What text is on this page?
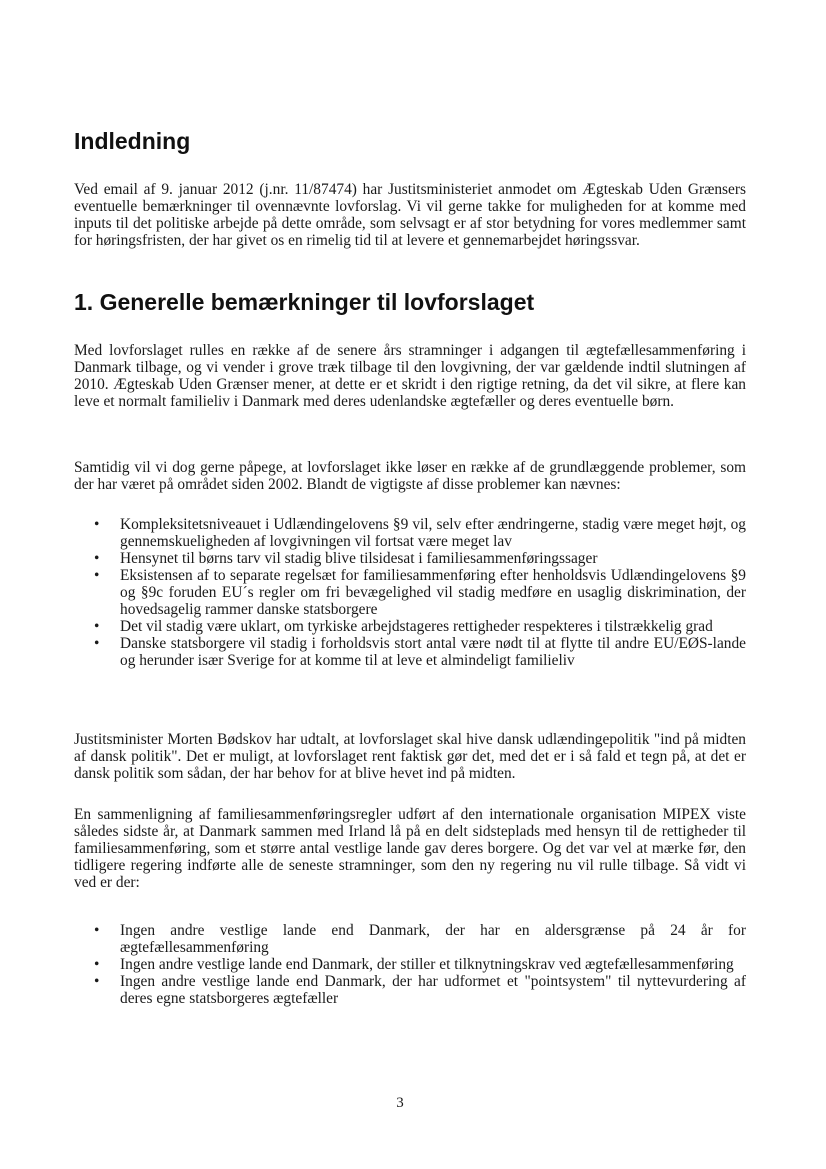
Indledning

Ved email af 9. januar 2012 (j.nr. 11/87474) har Justitsministeriet anmodet om Ægteskab Uden Grænsers eventuelle bemærkninger til ovennævnte lovforslag. Vi vil gerne takke for muligheden for at komme med inputs til det politiske arbejde på dette område, som selvsagt er af stor betydning for vores medlemmer samt for høringsfristen, der har givet os en rimelig tid til at levere et gennemarbejdet høringssvar.

1. Generelle bemærkninger til lovforslaget

Med lovforslaget rulles en række af de senere års stramninger i adgangen til ægtefællesammenføring i Danmark tilbage, og vi vender i grove træk tilbage til den lovgivning, der var gældende indtil slutningen af 2010. Ægteskab Uden Grænser mener, at dette er et skridt i den rigtige retning, da det vil sikre, at flere kan leve et normalt familieliv i Danmark med deres udenlandske ægtefæller og deres eventuelle børn.

Samtidig vil vi dog gerne påpege, at lovforslaget ikke løser en række af de grundlæggende problemer, som der har været på området siden 2002. Blandt de vigtigste af disse problemer kan nævnes:

• Kompleksitetsniveauet i Udlændingelovens §9 vil, selv efter ændringerne, stadig være meget højt, og gennemskueligheden af lovgivningen vil fortsat være meget lav
• Hensynet til børns tarv vil stadig blive tilsidesat i familiesammenføringssager
• Eksistensen af to separate regelsæt for familiesammenføring efter henholdsvis Udlændingelovens §9 og §9c foruden EU´s regler om fri bevægelighed vil stadig medføre en usaglig diskrimination, der hovedsagelig rammer danske statsborgere
• Det vil stadig være uklart, om tyrkiske arbejdstageres rettigheder respekteres i tilstrækkelig grad
• Danske statsborgere vil stadig i forholdsvis stort antal være nødt til at flytte til andre EU/EØS-lande og herunder især Sverige for at komme til at leve et almindeligt familieliv

Justitsminister Morten Bødskov har udtalt, at lovforslaget skal hive dansk udlændingepolitik "ind på midten af dansk politik". Det er muligt, at lovforslaget rent faktisk gør det, med det er i så fald et tegn på, at det er dansk politik som sådan, der har behov for at blive hevet ind på midten.

En sammenligning af familiesammenføringsregler udført af den internationale organisation MIPEX viste således sidste år, at Danmark sammen med Irland lå på en delt sidsteplads med hensyn til de rettigheder til familiesammenføring, som et større antal vestlige lande gav deres borgere. Og det var vel at mærke før, den tidligere regering indførte alle de seneste stramninger, som den ny regering nu vil rulle tilbage. Så vidt vi ved er der:

• Ingen andre vestlige lande end Danmark, der har en aldersgrænse på 24 år for ægtefællesammenføring
• Ingen andre vestlige lande end Danmark, der stiller et tilknytningskrav ved ægtefællesammenføring
• Ingen andre vestlige lande end Danmark, der har udformet et "pointsystem" til nyttevurdering af deres egne statsborgeres ægtefæller
3
